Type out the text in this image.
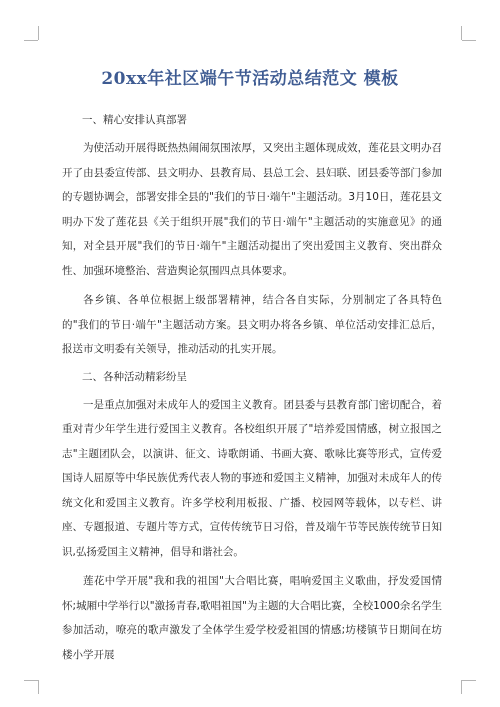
20xx年社区端午节活动总结范文 模板
一、精心安排认真部署

为使活动开展得既热热闹闹氛围浓厚，又突出主题体现成效，莲花县文明办召开了由县委宣传部、县文明办、县教育局、县总工会、县妇联、团县委等部门参加的专题协调会，部署安排全县的"我们的节日·端午"主题活动。3月10日，莲花县文明办下发了莲花县《关于组织开展"我们的节日·端午"主题活动的实施意见》的通知，对全县开展"我们的节日·端午"主题活动提出了突出爱国主义教育、突出群众性、加强环境整治、营造舆论氛围四点具体要求。

各乡镇、各单位根据上级部署精神，结合各自实际，分别制定了各具特色的"我们的节日·端午"主题活动方案。县文明办将各乡镇、单位活动安排汇总后，报送市文明委有关领导，推动活动的扎实开展。

二、各种活动精彩纷呈

一是重点加强对未成年人的爱国主义教育。团县委与县教育部门密切配合，着重对青少年学生进行爱国主义教育。各校组织开展了"培养爱国情感，树立报国之志"主题团队会，以演讲、征文、诗歌朗诵、书画大赛、歌咏比赛等形式，宣传爱国诗人屈原等中华民族优秀代表人物的事迹和爱国主义精神，加强对未成年人的传统文化和爱国主义教育。许多学校利用板报、广播、校园网等载体，以专栏、讲座、专题报道、专题片等方式，宣传传统节日习俗，普及端午节等民族传统节日知识,弘扬爱国主义精神，倡导和谐社会。

莲花中学开展"我和我的祖国"大合唱比赛，唱响爱国主义歌曲，抒发爱国情怀;城厢中学举行以"激扬青春,歌唱祖国"为主题的大合唱比赛，全校1000余名学生参加活动，嘹亮的歌声激发了全体学生爱学校爱祖国的情感;坊楼镇节日期间在坊楼小学开展
